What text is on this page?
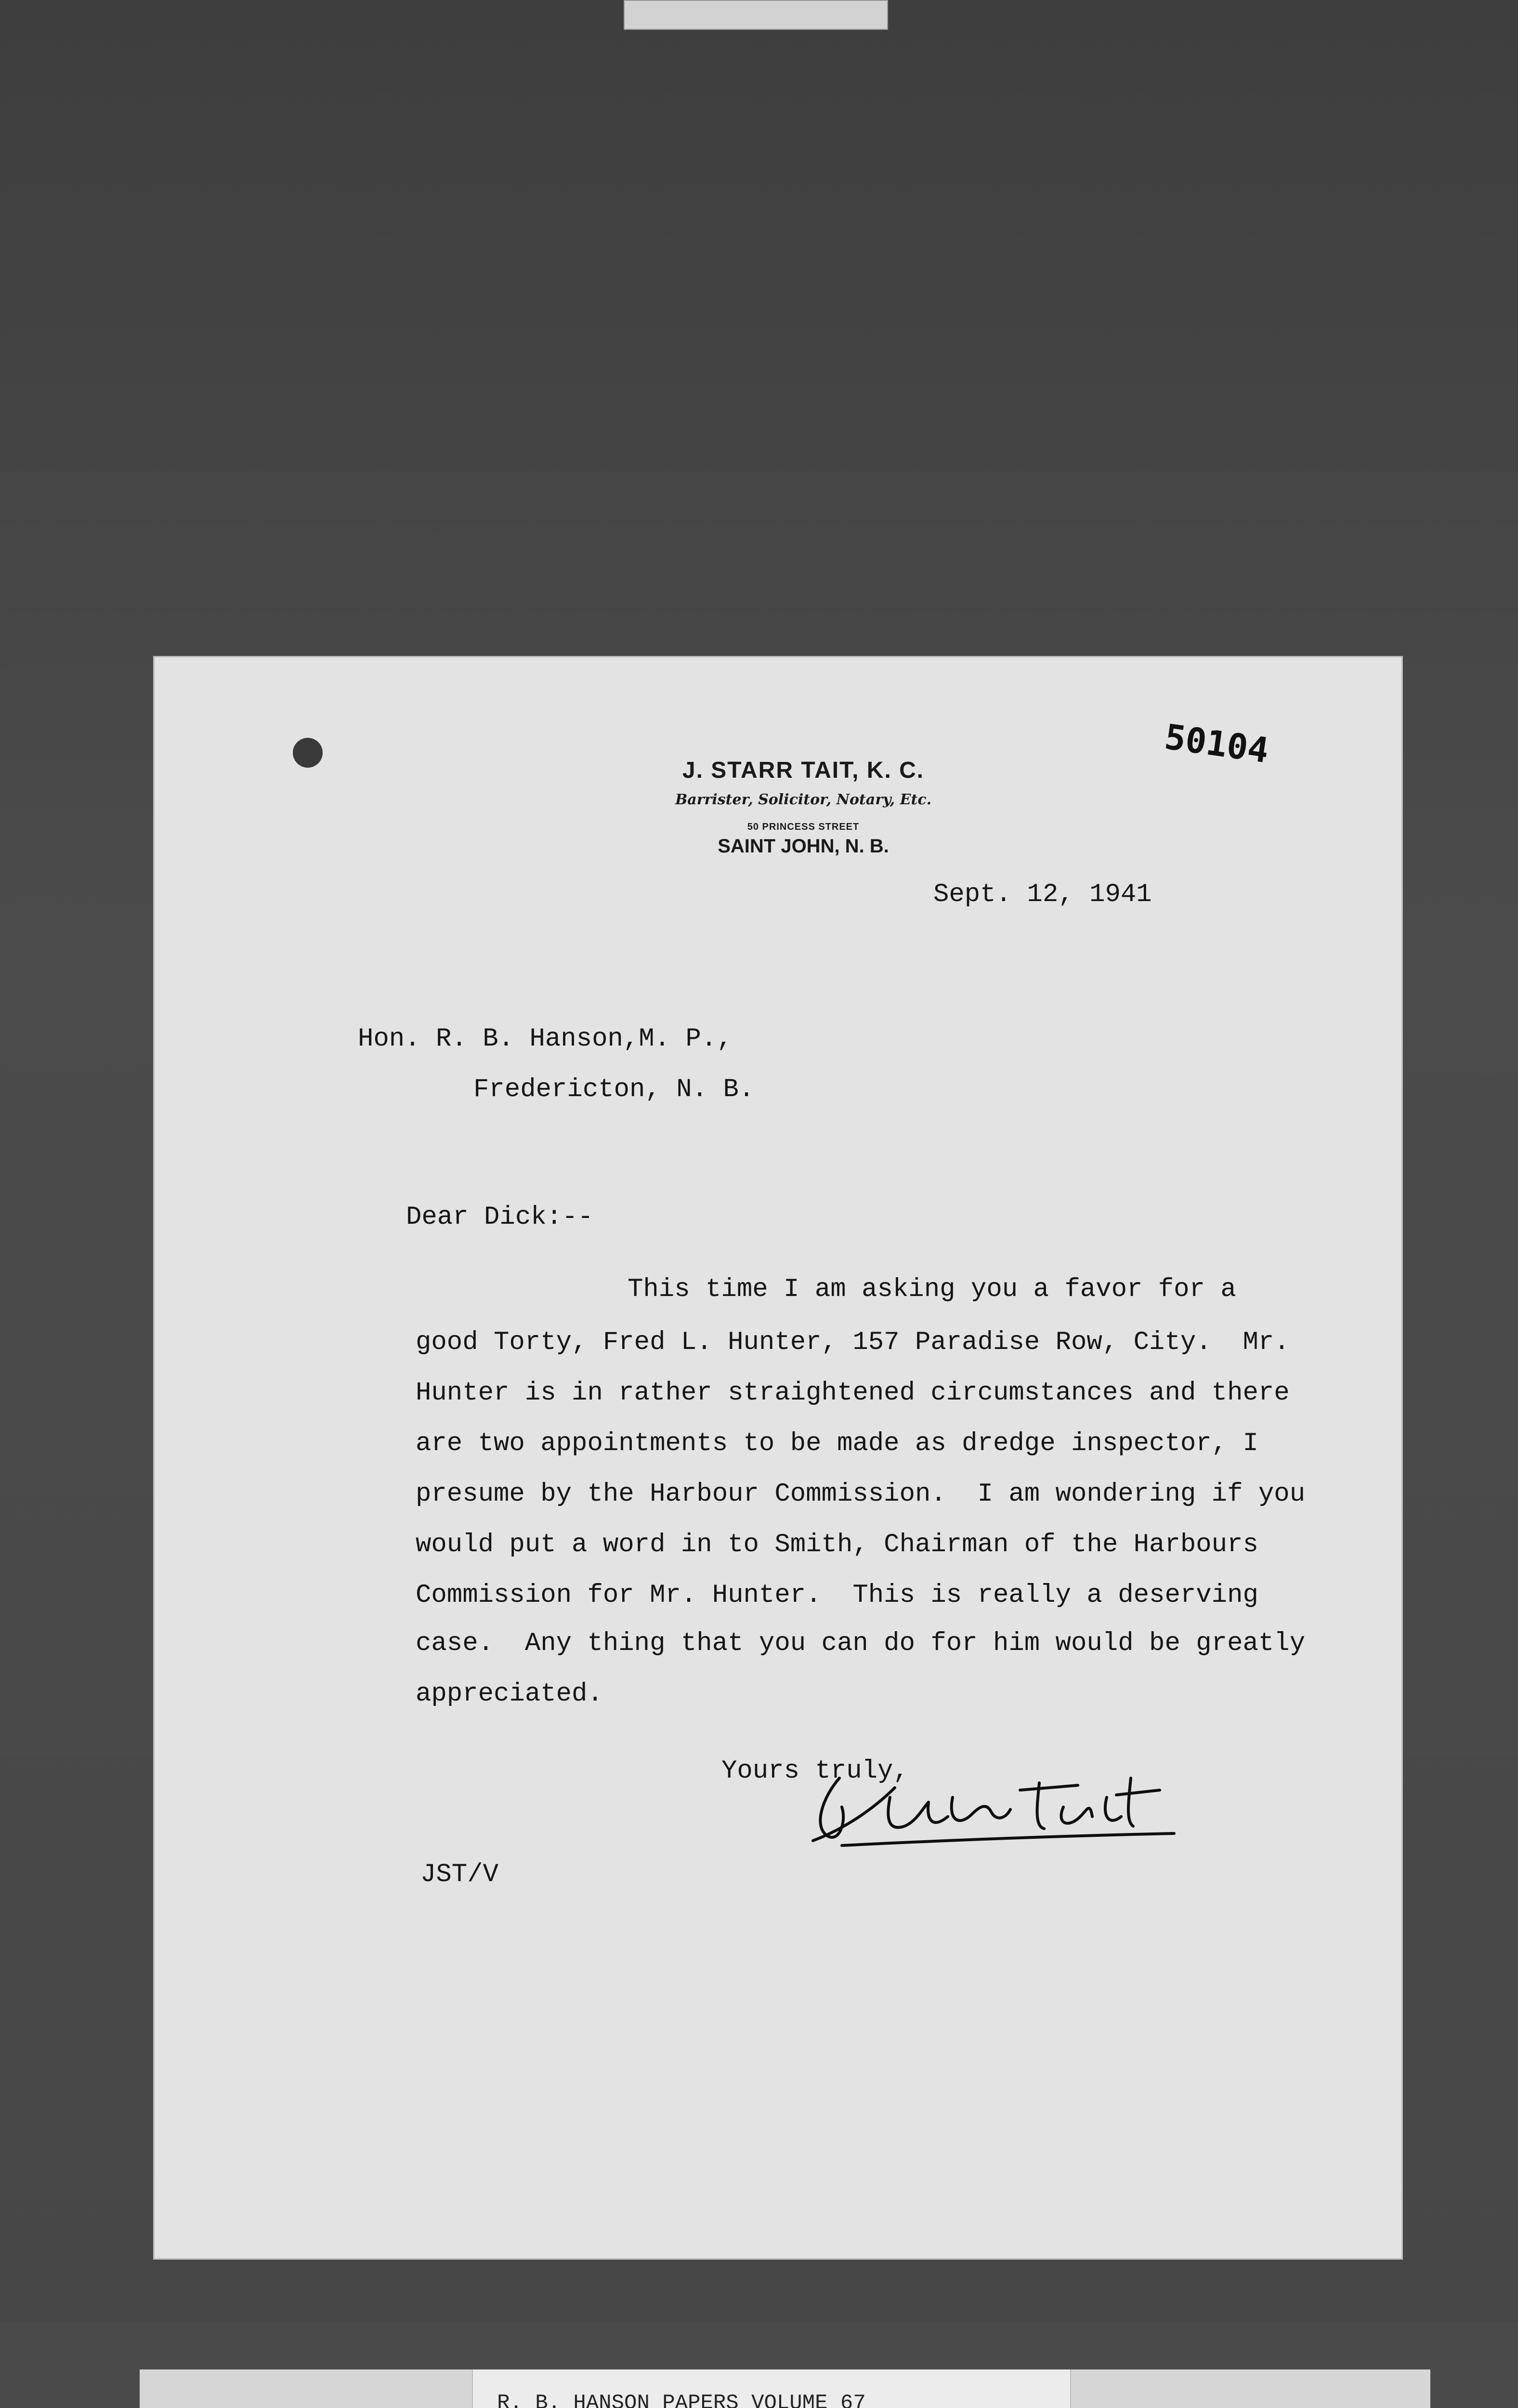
50104
J. STARR TAIT, K. C.
Barrister, Solicitor, Notary, Etc.
50 PRINCESS STREET
SAINT JOHN, N. B.
Sept. 12, 1941
Hon. R. B. Hanson,M. P.,
Fredericton, N. B.
Dear Dick:--
This time I am asking you a favor for a
good Torty, Fred L. Hunter, 157 Paradise Row, City.  Mr.
Hunter is in rather straightened circumstances and there
are two appointments to be made as dredge inspector, I
presume by the Harbour Commission.  I am wondering if you
would put a word in to Smith, Chairman of the Harbours
Commission for Mr. Hunter.  This is really a deserving
case.  Any thing that you can do for him would be greatly
appreciated.
Yours truly,
JST/V
R. B. HANSON PAPERS VOLUME 67
